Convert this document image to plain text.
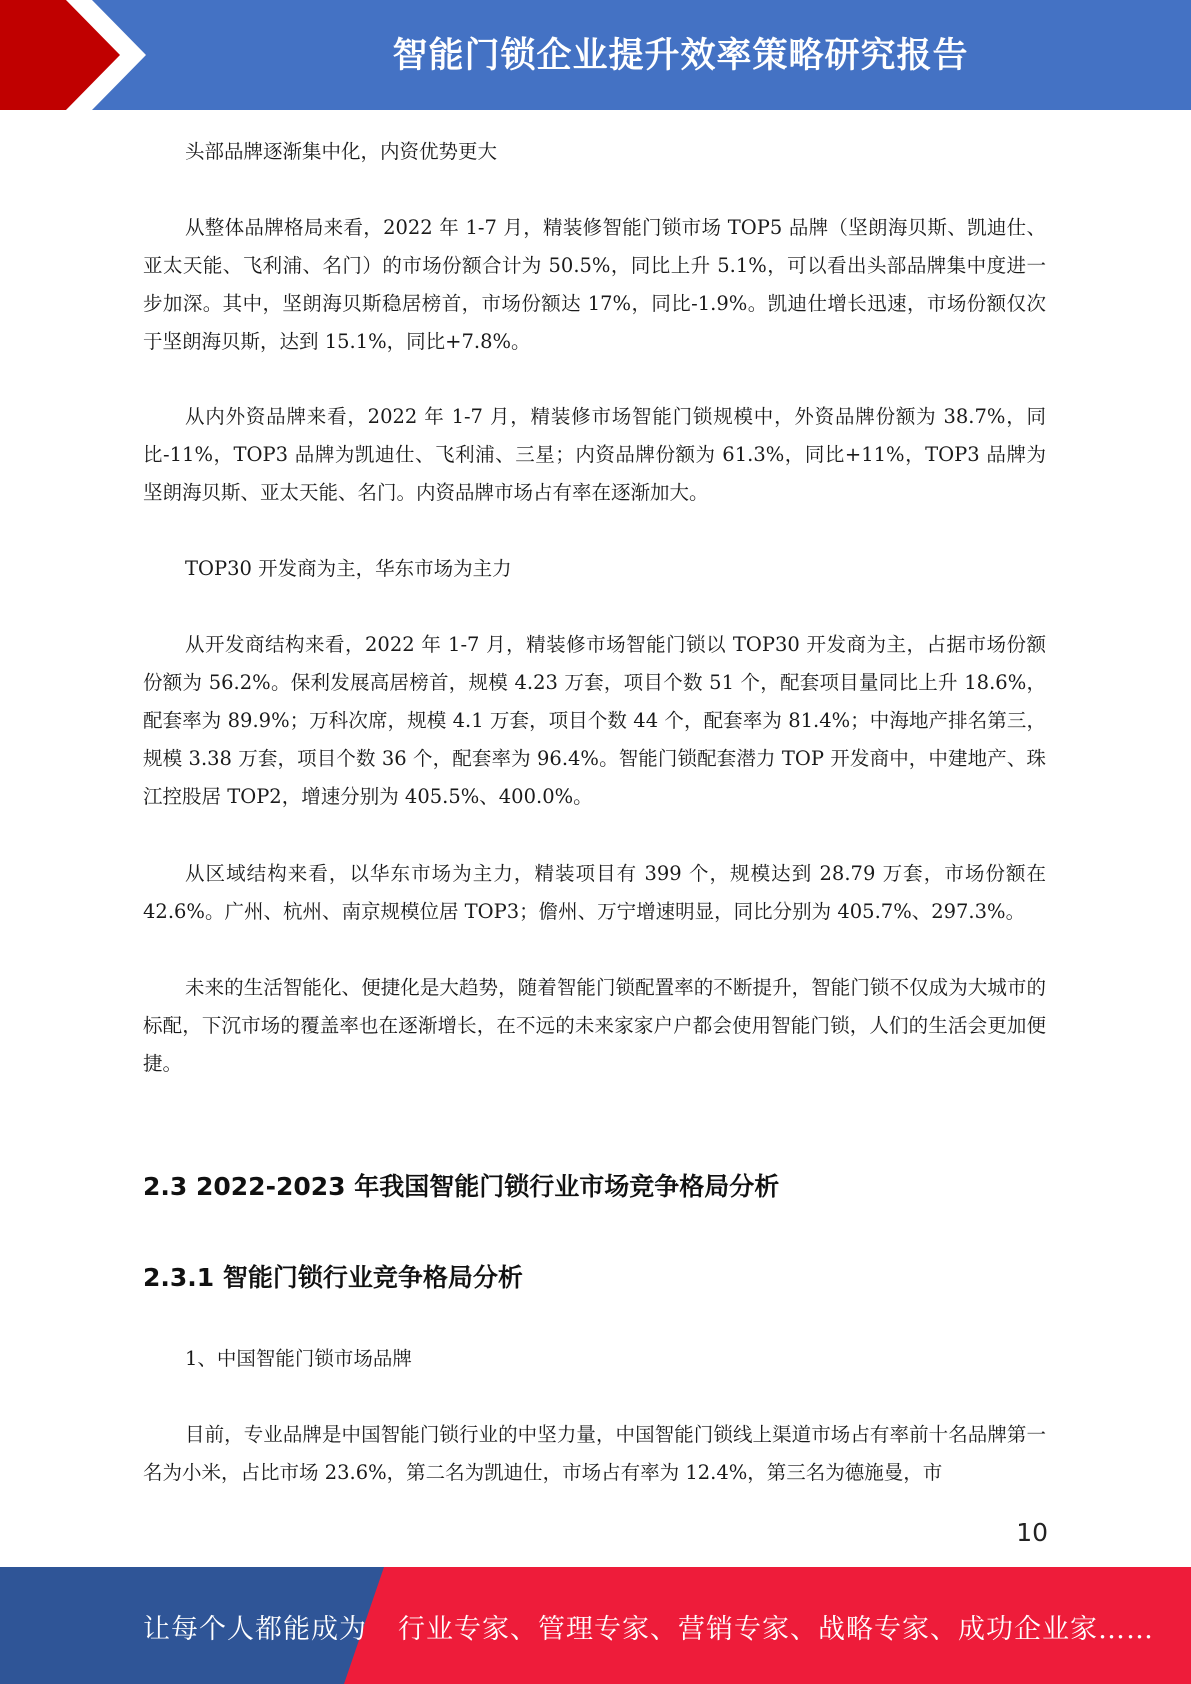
智能门锁企业提升效率策略研究报告
头部品牌逐渐集中化，内资优势更大
从整体品牌格局来看，2022 年 1-7 月，精装修智能门锁市场 TOP5 品牌（坚朗海贝斯、凯迪仕、亚太天能、飞利浦、名门）的市场份额合计为 50.5%，同比上升 5.1%，可以看出头部品牌集中度进一步加深。其中，坚朗海贝斯稳居榜首，市场份额达 17%，同比-1.9%。凯迪仕增长迅速，市场份额仅次于坚朗海贝斯，达到 15.1%，同比+7.8%。
从内外资品牌来看，2022 年 1-7 月，精装修市场智能门锁规模中，外资品牌份额为 38.7%，同比-11%，TOP3 品牌为凯迪仕、飞利浦、三星；内资品牌份额为 61.3%，同比+11%，TOP3 品牌为坚朗海贝斯、亚太天能、名门。内资品牌市场占有率在逐渐加大。
TOP30 开发商为主，华东市场为主力
从开发商结构来看，2022 年 1-7 月，精装修市场智能门锁以 TOP30 开发商为主，占据市场份额份额为 56.2%。保利发展高居榜首，规模 4.23 万套，项目个数 51 个，配套项目量同比上升 18.6%，配套率为 89.9%；万科次席，规模 4.1 万套，项目个数 44 个，配套率为 81.4%；中海地产排名第三，规模 3.38 万套，项目个数 36 个，配套率为 96.4%。智能门锁配套潜力 TOP 开发商中，中建地产、珠江控股居 TOP2，增速分别为 405.5%、400.0%。
从区域结构来看，以华东市场为主力，精装项目有 399 个，规模达到 28.79 万套，市场份额在 42.6%。广州、杭州、南京规模位居 TOP3；儋州、万宁增速明显，同比分别为 405.7%、297.3%。
未来的生活智能化、便捷化是大趋势，随着智能门锁配置率的不断提升，智能门锁不仅成为大城市的标配，下沉市场的覆盖率也在逐渐增长，在不远的未来家家户户都会使用智能门锁，人们的生活会更加便捷。
2.3 2022-2023 年我国智能门锁行业市场竞争格局分析
2.3.1 智能门锁行业竞争格局分析
1、中国智能门锁市场品牌
目前，专业品牌是中国智能门锁行业的中坚力量，中国智能门锁线上渠道市场占有率前十名品牌第一名为小米，占比市场 23.6%，第二名为凯迪仕，市场占有率为 12.4%，第三名为德施曼，市
10
让每个人都能成为 行业专家、管理专家、营销专家、战略专家、成功企业家……
